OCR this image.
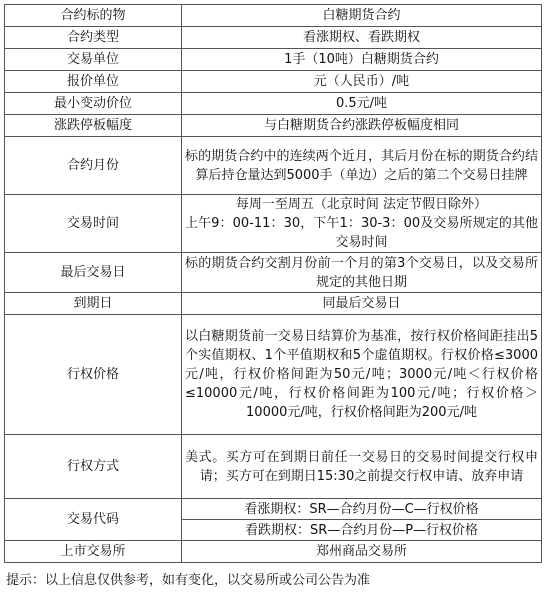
合约标的物	白糖期货合约
合约类型	看涨期权、看跌期权
交易单位	1手（10吨）白糖期货合约
报价单位	元（人民币）/吨
最小变动价位	0.5元/吨
涨跌停板幅度	与白糖期货合约涨跌停板幅度相同
合约月份	标的期货合约中的连续两个近月，其后月份在标的期货合约结算后持仓量达到5000手（单边）之后的第二个交易日挂牌
交易时间	每周一至周五（北京时间 法定节假日除外）
上午9：00-11：30，下午1：30-3：00及交易所规定的其他交易时间

最后交易日	标的期货合约交割月份前一个月的第3个交易日，以及交易所规定的其他日期
到期日	同最后交易日
行权价格	以白糖期货前一交易日结算价为基准，按行权价格间距挂出5个实值期权、1个平值期权和5个虚值期权。行权价格≤3000元/吨，行权价格间距为50元/吨；3000元/吨＜行权价格≤10000元/吨，行权价格间距为100元/吨；行权价格＞10000元/吨，行权价格间距为200元/吨
行权方式	美式。买方可在到期日前任一交易日的交易时间提交行权申请；买方可在到期日15:30之前提交行权申请、放弃申请
交易代码	看涨期权：SR—合约月份—C—行权价格
	看跌期权：SR—合约月份—P—行权价格
上市交易所	郑州商品交易所
提示：以上信息仅供参考，如有变化，以交易所或公司公告为准
